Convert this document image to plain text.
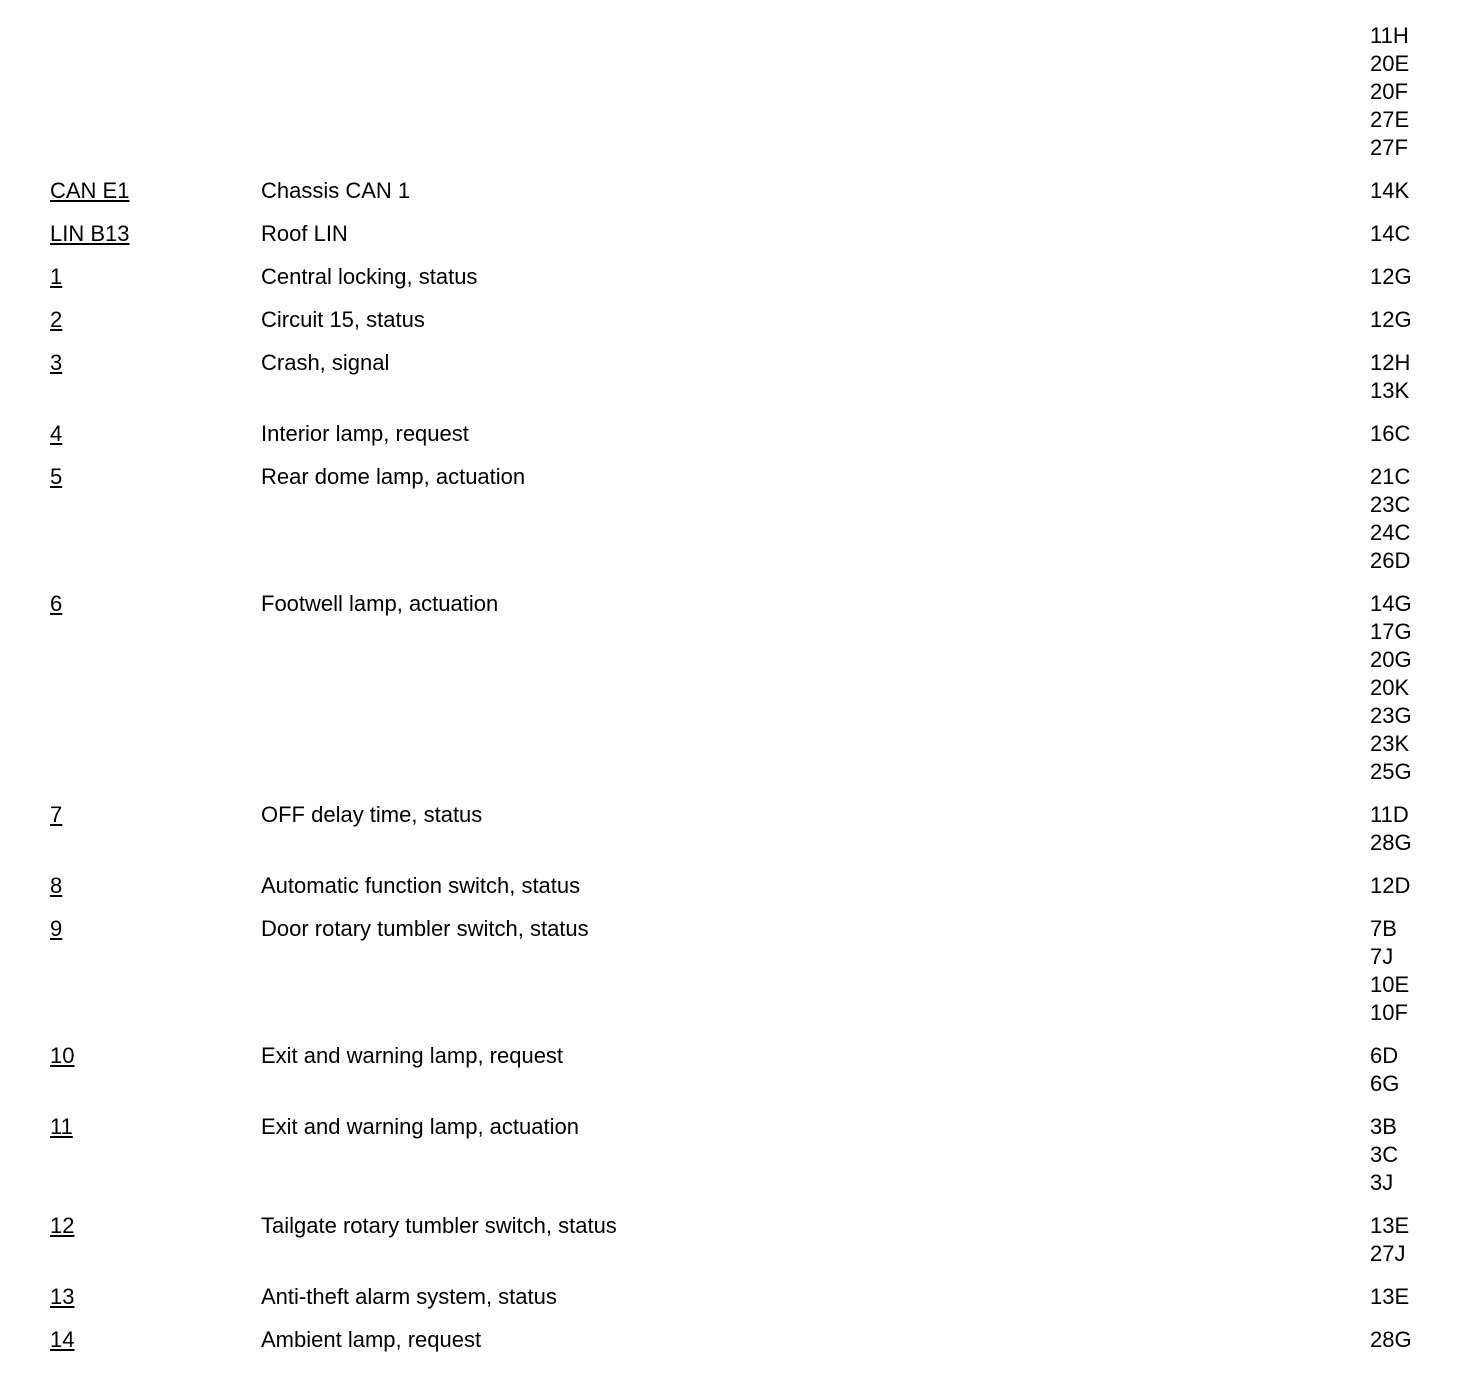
11H
20E
20F
27E
27F
CAN E1	Chassis CAN 1	14K
LIN B13	Roof LIN	14C
1	Central locking, status	12G
2	Circuit 15, status	12G
3	Crash, signal	12H
13K
4	Interior lamp, request	16C
5	Rear dome lamp, actuation	21C
23C
24C
26D
6	Footwell lamp, actuation	14G
17G
20G
20K
23G
23K
25G
7	OFF delay time, status	11D
28G
8	Automatic function switch, status	12D
9	Door rotary tumbler switch, status	7B
7J
10E
10F
10	Exit and warning lamp, request	6D
6G
11	Exit and warning lamp, actuation	3B
3C
3J
12	Tailgate rotary tumbler switch, status	13E
27J
13	Anti-theft alarm system, status	13E
14	Ambient lamp, request	28G
